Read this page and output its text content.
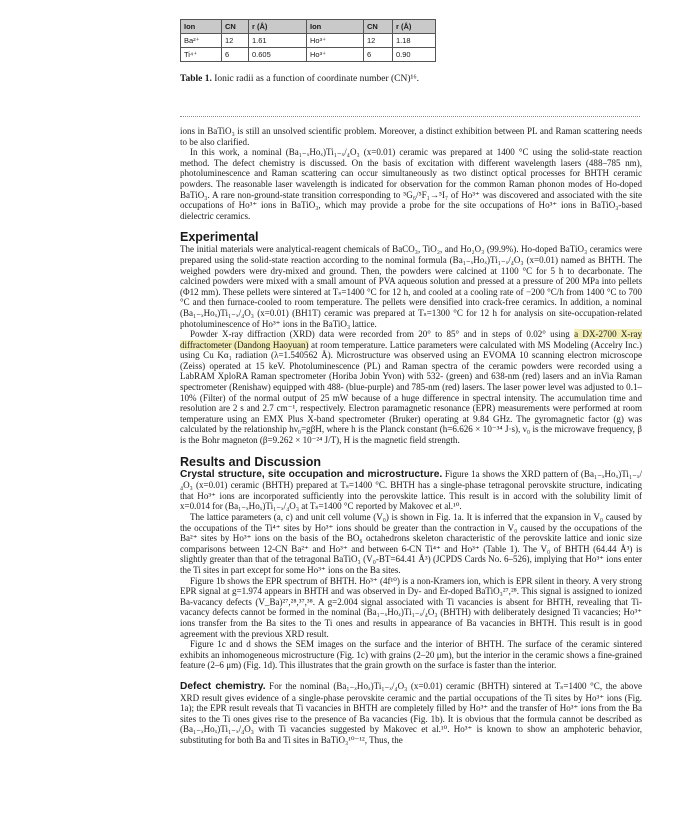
Ion	CN	r (Å)	Ion	CN	r (Å)
Ba²⁺	12	1.61	Ho³⁺	12	1.18
Ti⁴⁺	6	0.605	Ho³⁺	6	0.90
Table 1. Ionic radii as a function of coordinate number (CN)¹⁶.

ions in BaTiO₃ is still an unsolved scientific problem. Moreover, a distinct exhibition between PL and Raman scattering needs to be also clarified.

In this work, a nominal (Ba₁₋ₓHoₓ)Ti₁₋ₓ/₄O₃ (x=0.01) ceramic was prepared at 1400 °C using the solid-state reaction method. The defect chemistry is discussed. On the basis of excitation with different wavelength lasers (488–785 nm), photoluminescence and Raman scattering can occur simultaneously as two distinct optical processes for BHTH ceramic powders. The reasonable laser wavelength is indicated for observation for the common Raman phonon modes of Ho-doped BaTiO₃. A rare non-ground-state transition corresponding to ⁵G₆/⁵F₁→⁵I₇ of Ho³⁺ was discovered and associated with the site occupations of Ho³⁺ ions in BaTiO₃, which may provide a probe for the site occupations of Ho³⁺ ions in BaTiO₃-based dielectric ceramics.

Experimental

The initial materials were analytical-reagent chemicals of BaCO₃, TiO₂, and Ho₂O₃ (99.9%). Ho-doped BaTiO₃ ceramics were prepared using the solid-state reaction according to the nominal formula (Ba₁₋ₓHoₓ)Ti₁₋ₓ/₄O₃ (x=0.01) named as BHTH. The weighed powders were dry-mixed and ground. Then, the powders were calcined at 1100 °C for 5 h to decarbonate. The calcined powders were mixed with a small amount of PVA aqueous solution and pressed at a pressure of 200 MPa into pellets (Φ12 mm). These pellets were sintered at Tₛ=1400 °C for 12 h, and cooled at a cooling rate of −200 °C/h from 1400 °C to 700 °C and then furnace-cooled to room temperature. The pellets were densified into crack-free ceramics. In addition, a nominal (Ba₁₋ₓHoₓ)Ti₁₋ₓ/₄O₃ (x=0.01) (BH1T) ceramic was prepared at Tₛ=1300 °C for 12 h for analysis on site-occupation-related photoluminescence of Ho³⁺ ions in the BaTiO₃ lattice.

Powder X-ray diffraction (XRD) data were recorded from 20° to 85° and in steps of 0.02° using a DX-2700 X-ray diffractometer (Dandong Haoyuan) at room temperature. Lattice parameters were calculated with MS Modeling (Accelry Inc.) using Cu Kα₁ radiation (λ=1.540562 Å). Microstructure was observed using an EVOMA 10 scanning electron microscope (Zeiss) operated at 15 keV. Photoluminescence (PL) and Raman spectra of the ceramic powders were recorded using a LabRAM XploRA Raman spectrometer (Horiba Jobin Yvon) with 532- (green) and 638-nm (red) lasers and an inVia Raman spectrometer (Renishaw) equipped with 488- (blue-purple) and 785-nm (red) lasers. The laser power level was adjusted to 0.1–10% (Filter) of the normal output of 25 mW because of a huge difference in spectral intensity. The accumulation time and resolution are 2 s and 2.7 cm⁻¹, respectively. Electron paramagnetic resonance (EPR) measurements were performed at room temperature using an EMX Plus X-band spectrometer (Bruker) operating at 9.84 GHz. The gyromagnetic factor (g) was calculated by the relationship hν₀=gβH, where h is the Planck constant (h=6.626 × 10⁻³⁴ J·s), ν₀ is the microwave frequency, β is the Bohr magneton (β=9.262 × 10⁻²⁴ J/T), H is the magnetic field strength.

Results and Discussion

Crystal structure, site occupation and microstructure. Figure 1a shows the XRD pattern of (Ba₁₋ₓHoₓ)Ti₁₋ₓ/₄O₃ (x=0.01) ceramic (BHTH) prepared at Tₛ=1400 °C. BHTH has a single-phase tetragonal perovskite structure, indicating that Ho³⁺ ions are incorporated sufficiently into the perovskite lattice. This result is in accord with the solubility limit of x=0.014 for (Ba₁₋ₓHoₓ)Ti₁₋ₓ/₄O₃ at Tₛ=1400 °C reported by Makovec et al.¹⁰.

The lattice parameters (a, c) and unit cell volume (V₀) is shown in Fig. 1a. It is inferred that the expansion in V₀ caused by the occupations of the Ti⁴⁺ sites by Ho³⁺ ions should be greater than the contraction in V₀ caused by the occupations of the Ba²⁺ sites by Ho³⁺ ions on the basis of the BO₆ octahedrons skeleton characteristic of the perovskite lattice and ionic size comparisons between 12-CN Ba²⁺ and Ho³⁺ and between 6-CN Ti⁴⁺ and Ho³⁺ (Table 1). The V₀ of BHTH (64.44 Å³) is slightly greater than that of the tetragonal BaTiO₃ (V₀-BT=64.41 Å³) (JCPDS Cards No. 6–526), implying that Ho³⁺ ions enter the Ti sites in part except for some Ho³⁺ ions on the Ba sites.

Figure 1b shows the EPR spectrum of BHTH. Ho³⁺ (4f¹⁰) is a non-Kramers ion, which is EPR silent in theory. A very strong EPR signal at g=1.974 appears in BHTH and was observed in Dy- and Er-doped BaTiO₃²⁷,²⁸. This signal is assigned to ionized Ba-vacancy defects (V_Ba)²⁷,²⁸,³⁷,³⁸. A g=2.004 signal associated with Ti vacancies is absent for BHTH, revealing that Ti-vacancy defects cannot be formed in the nominal (Ba₁₋ₓHoₓ)Ti₁₋ₓ/₄O₃ (BHTH) with deliberately designed Ti vacancies; Ho³⁺ ions transfer from the Ba sites to the Ti ones and results in appearance of Ba vacancies in BHTH. This result is in good agreement with the previous XRD result.

Figure 1c and d shows the SEM images on the surface and the interior of BHTH. The surface of the ceramic sintered exhibits an inhomogeneous microstructure (Fig. 1c) with grains (2–20 μm), but the interior in the ceramic shows a fine-grained feature (2–6 μm) (Fig. 1d). This illustrates that the grain growth on the surface is faster than the interior.

Defect chemistry. For the nominal (Ba₁₋ₓHoₓ)Ti₁₋ₓ/₄O₃ (x=0.01) ceramic (BHTH) sintered at Tₛ=1400 °C, the above XRD result gives evidence of a single-phase perovskite ceramic and the partial occupations of the Ti sites by Ho³⁺ ions (Fig. 1a); the EPR result reveals that Ti vacancies in BHTH are completely filled by Ho³⁺ and the transfer of Ho³⁺ ions from the Ba sites to the Ti ones gives rise to the presence of Ba vacancies (Fig. 1b). It is obvious that the formula cannot be described as (Ba₁₋ₓHoₓ)Ti₁₋ₓ/₄O₃ with Ti vacancies suggested by Makovec et al.¹⁰. Ho³⁺ is known to show an amphoteric behavior, substituting for both Ba and Ti sites in BaTiO₃¹⁰⁻¹², Thus, the
